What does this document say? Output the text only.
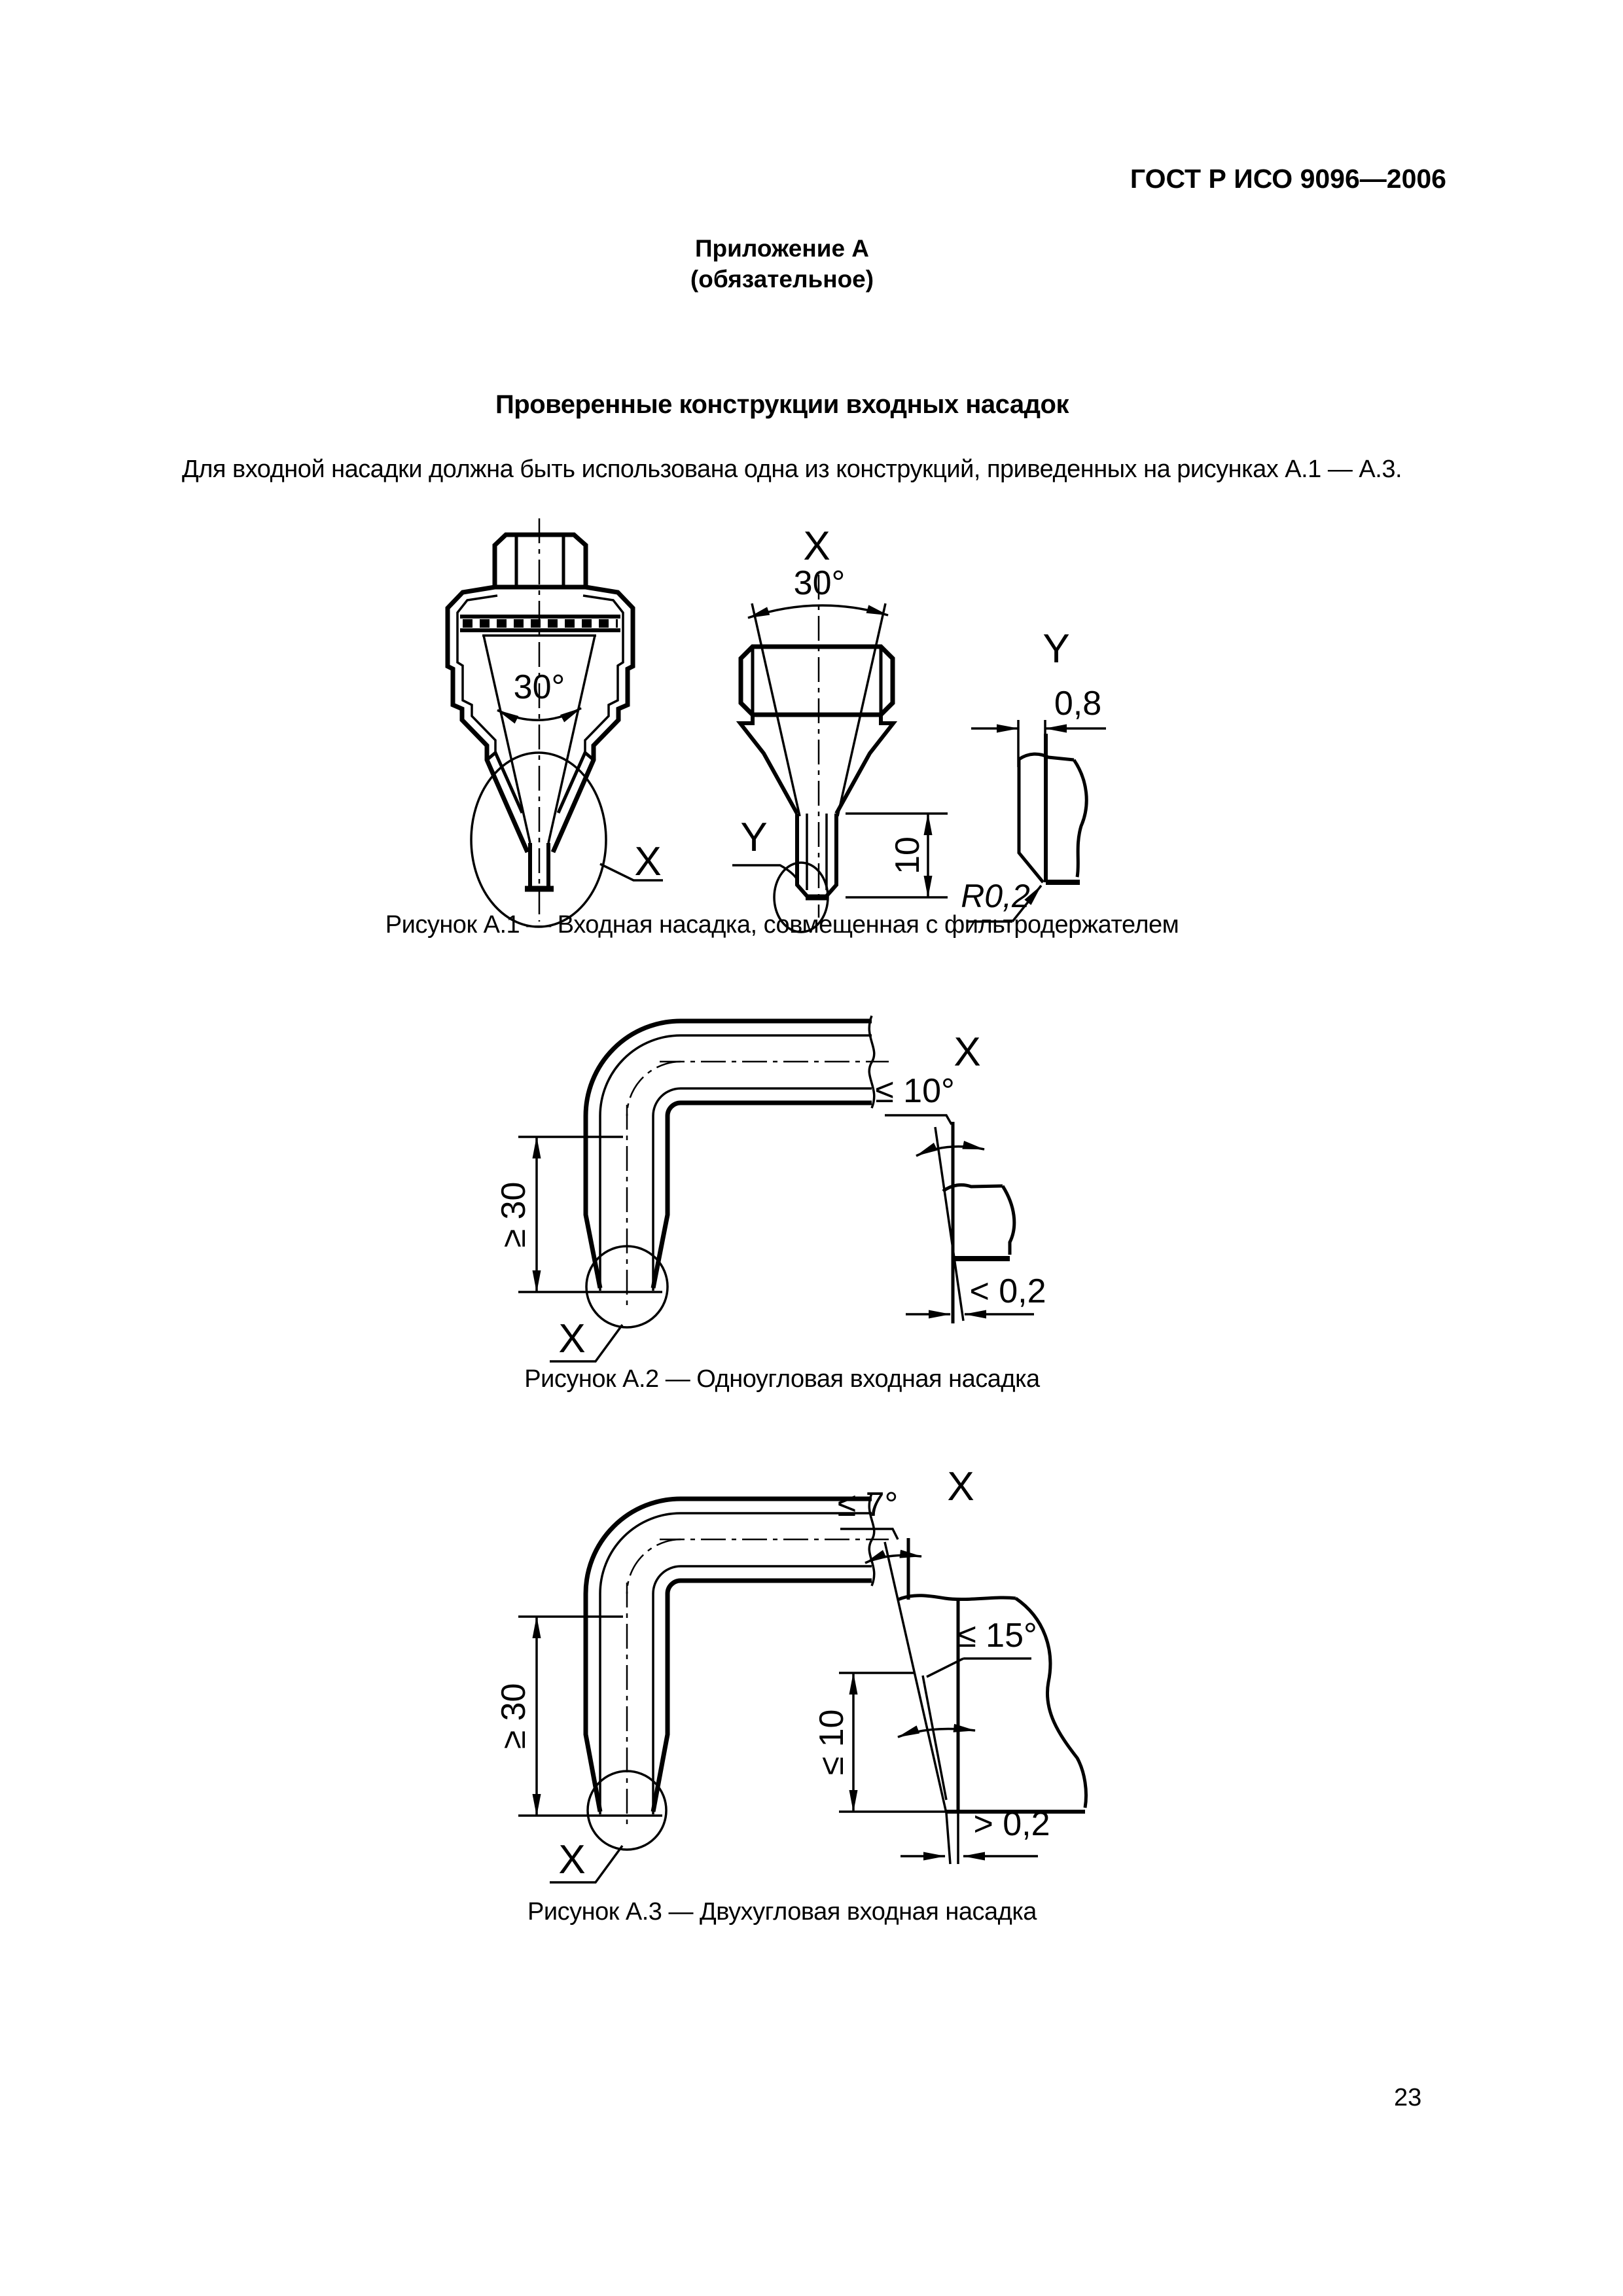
ГОСТ Р ИСО 9096—2006
Приложение А
(обязательное)
Проверенные конструкции входных насадок
Для входной насадки должна быть использована одна из конструкций, приведенных на рисунках А.1 — А.3.
30°
X
X
30°
10
Y
Y
0,8
R0,2
Рисунок А.1 — Входная насадка, совмещенная с фильтродержателем
≥ 30
X
X
≤ 10°
< 0,2
Рисунок А.2 — Одноугловая входная насадка
≥ 30
X
X
≤ 7°
≤ 15°
≤ 10
> 0,2
Рисунок А.3 — Двухугловая входная насадка
23
